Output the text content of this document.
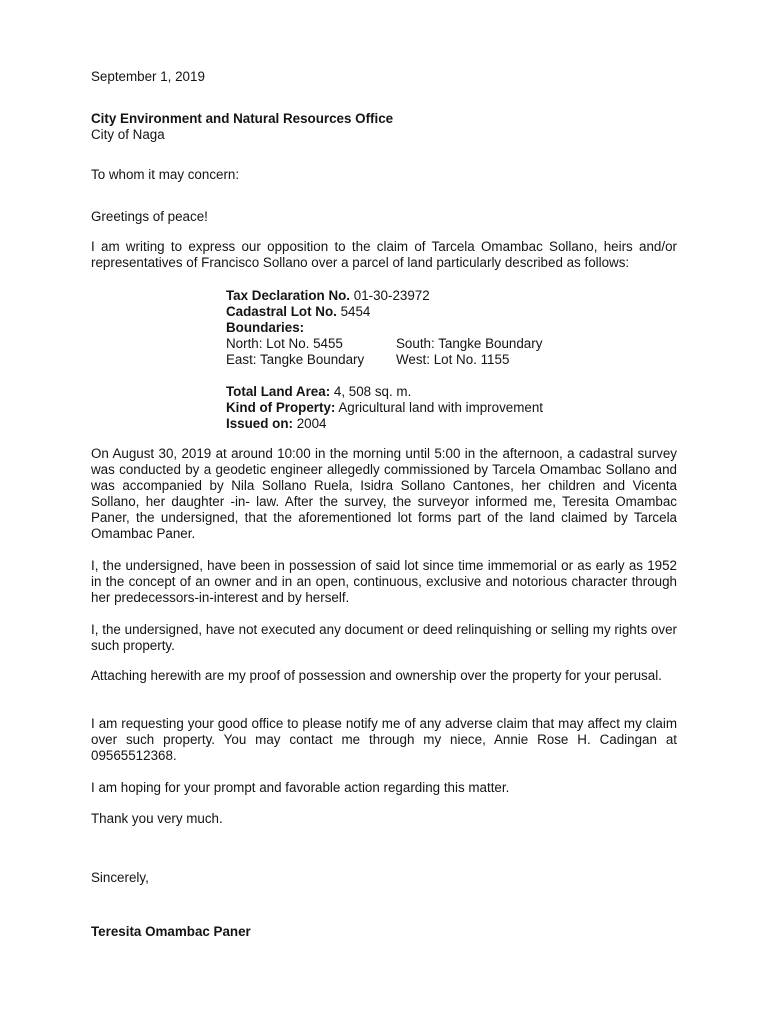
September 1, 2019

City Environment and Natural Resources Office

City of Naga

To whom it may concern:

Greetings of peace!

I am writing to express our opposition to the claim of Tarcela Omambac Sollano, heirs and/or representatives of Francisco Sollano over a parcel of land particularly described as follows:

Tax Declaration No. 01-30-23972
Cadastral Lot No. 5454
Boundaries:
North: Lot No. 5455	South: Tangke Boundary
East: Tangke Boundary	West: Lot No. 1155
Total Land Area: 4, 508 sq. m.
Kind of Property: Agricultural land with improvement
Issued on: 2004

On August 30, 2019 at around 10:00 in the morning until 5:00 in the afternoon, a cadastral survey was conducted by a geodetic engineer allegedly commissioned by Tarcela Omambac Sollano and was accompanied by Nila Sollano Ruela, Isidra Sollano Cantones, her children and Vicenta Sollano, her daughter -in- law. After the survey, the surveyor informed me, Teresita Omambac Paner, the undersigned, that the aforementioned lot forms part of the land claimed by Tarcela Omambac Paner.

I, the undersigned, have been in possession of said lot since time immemorial or as early as 1952 in the concept of an owner and in an open, continuous, exclusive and notorious character through her predecessors-in-interest and by herself.

I, the undersigned, have not executed any document or deed relinquishing or selling my rights over such property.

Attaching herewith are my proof of possession and ownership over the property for your perusal.

I am requesting your good office to please notify me of any adverse claim that may affect my claim over such property. You may contact me through my niece, Annie Rose H. Cadingan at 09565512368.

I am hoping for your prompt and favorable action regarding this matter.

Thank you very much.

Sincerely,

Teresita Omambac Paner
